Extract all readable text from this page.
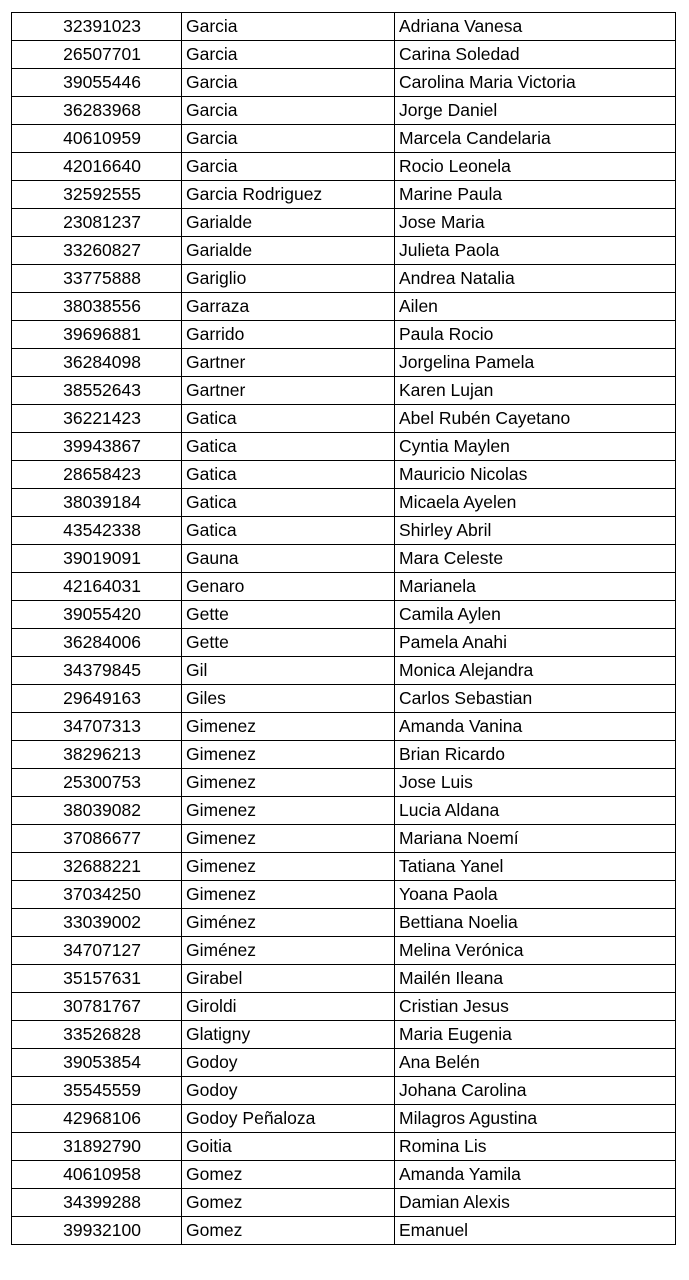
32391023	Garcia	Adriana Vanesa
26507701	Garcia	Carina Soledad
39055446	Garcia	Carolina Maria Victoria
36283968	Garcia	Jorge Daniel
40610959	Garcia	Marcela Candelaria
42016640	Garcia	Rocio Leonela
32592555	Garcia Rodriguez	Marine Paula
23081237	Garialde	Jose Maria
33260827	Garialde	Julieta Paola
33775888	Gariglio	Andrea Natalia
38038556	Garraza	Ailen
39696881	Garrido	Paula Rocio
36284098	Gartner	Jorgelina Pamela
38552643	Gartner	Karen Lujan
36221423	Gatica	Abel Rubén Cayetano
39943867	Gatica	Cyntia Maylen
28658423	Gatica	Mauricio Nicolas
38039184	Gatica	Micaela Ayelen
43542338	Gatica	Shirley Abril
39019091	Gauna	Mara Celeste
42164031	Genaro	Marianela
39055420	Gette	Camila Aylen
36284006	Gette	Pamela Anahi
34379845	Gil	Monica Alejandra
29649163	Giles	Carlos Sebastian
34707313	Gimenez	Amanda Vanina
38296213	Gimenez	Brian Ricardo
25300753	Gimenez	Jose Luis
38039082	Gimenez	Lucia Aldana
37086677	Gimenez	Mariana Noemí
32688221	Gimenez	Tatiana Yanel
37034250	Gimenez	Yoana Paola
33039002	Giménez	Bettiana Noelia
34707127	Giménez	Melina Verónica
35157631	Girabel	Mailén Ileana
30781767	Giroldi	Cristian Jesus
33526828	Glatigny	Maria Eugenia
39053854	Godoy	Ana Belén
35545559	Godoy	Johana Carolina
42968106	Godoy Peñaloza	Milagros Agustina
31892790	Goitia	Romina Lis
40610958	Gomez	Amanda Yamila
34399288	Gomez	Damian Alexis
39932100	Gomez	Emanuel
